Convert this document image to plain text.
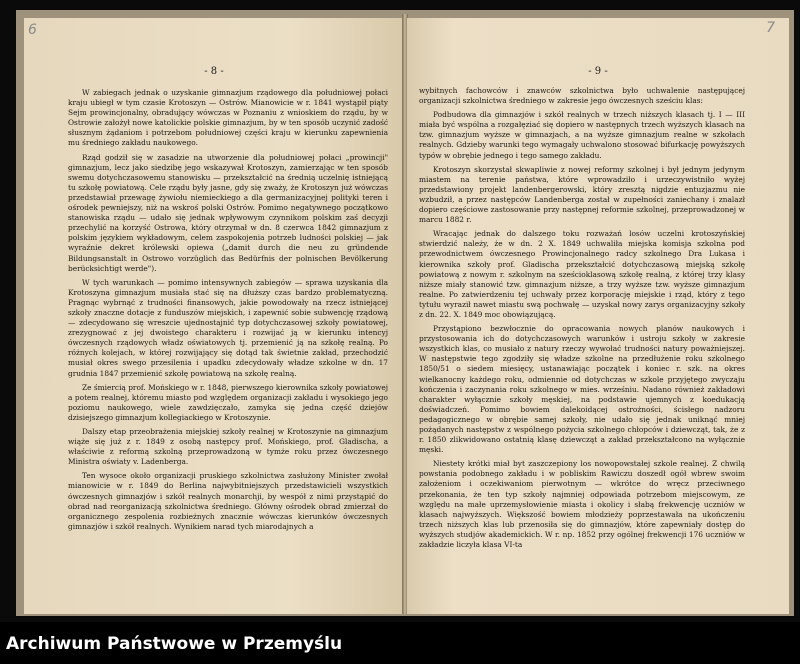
6
- 8 -

W zabiegach jednak o uzyskanie gimnazjum rządowego dla południowej połaci kraju ubiegł w tym czasie Krotoszyn — Ostrów. Mianowicie w r. 1841 wystąpił piąty Sejm prowincjonalny, obradujący wówczas w Poznaniu z wnioskiem do rządu, by w Ostrowie założył nowe katolickie polskie gimnazjum, by w ten sposób uczynić zadość słusznym żądaniom i potrzebom południowej części kraju w kierunku zapewnienia mu średniego zakładu naukowego.

Rząd godził się w zasadzie na utworzenie dla południowej połaci „prowincji" gimnazjum, lecz jako siedzibę jego wskazywał Krotoszyn, zamierzając w ten sposób swemu dotychczasowemu stanowisku — przekształcić na średnią uczelnię istniejącą tu szkołę powiatową. Cele rządu były jasne, gdy się zważy, że Krotoszyn już wówczas przedstawiał przewagę żywiołu niemieckiego a dla germanizacyjnej polityki teren i ośrodek pewniejszy, niż na wskroś polski Ostrów. Pomimo negatywnego początkowo stanowiska rządu — udało się jednak wpływowym czynnikom polskim zaś decyzji przechylić na korzyść Ostrowa, który otrzymał w dn. 8 czerwca 1842 gimnazjum z polskim językiem wykładowym, celem zaspokojenia potrzeb ludności polskiej — jak wyraźnie dekret królewski opiewa („damit durch die neu zu gründende Bildungsanstalt in Ostrowo vorzüglich das Bedürfnis der polnischen Bevölkerung berücksichtigt werde").

W tych warunkach — pomimo intensywnych zabiegów — sprawa uzyskania dla Krotoszyna gimnazjum musiała stać się na dłuższy czas bardzo problematyczną. Pragnąc wybrnąć z trudności finansowych, jakie powodowały na rzecz istniejącej szkoły znaczne dotacje z funduszów miejskich, i zapewnić sobie subwencję rządową — zdecydowano się wreszcie ujednostajnić typ dotychczasowej szkoły powiatowej, zrezygnować z jej dwoistego charakteru i rozwijać ją w kierunku intencyj ówczesnych rządowych władz oświatowych tj. przemienić ją na szkołę realną. Po różnych kolejach, w której rozwijający się dotąd tak świetnie zakład, przechodzić musiał okres swego przesilenia i upadku zdecydowały władze szkolne w dn. 17 grudnia 1847 przemienić szkołę powiatową na szkołę realną.

Ze śmiercią prof. Mońskiego w r. 1848, pierwszego kierownika szkoły powiatowej a potem realnej, któremu miasto pod względem organizacji zakładu i wysokiego jego poziomu naukowego, wiele zawdzięczało, zamyka się jedna część dziejów dzisiejszego gimnazjum kollegiackiego w Krotoszynie.

Dalszy etap przeobrażenia miejskiej szkoły realnej w Krotoszynie na gimnazjum wiąże się już z r. 1849 z osobą następcy prof. Mońskiego, prof. Gladischa, a właściwie z reformą szkolną przeprowadzoną w tymże roku przez ówczesnego Ministra oświaty v. Ladenberga.

Ten wysoce około organizacji pruskiego szkolnictwa zasłużony Minister zwołał mianowicie w r. 1849 do Berlina najwybitniejszych przedstawicieli wszystkich ówczesnych gimnazjów i szkół realnych monarchji, by wespół z nimi przystąpić do obrad nad reorganizacją szkolnictwa średniego. Główny ośrodek obrad zmierzał do organicznego zespolenia rozbieżnych znacznie wówczas kierunków ówczesnych gimnazjów i szkół realnych. Wynikiem narad tych miarodajnych a

7
- 9 -

wybitnych fachowców i znawców szkolnictwa było uchwalenie następującej organizacji szkolnictwa średniego w zakresie jego ówczesnych sześciu klas:

Podbudowa dla gimnazjów i szkół realnych w trzech niższych klasach tj. I — III miała być wspólna a rozgałęziać się dopiero w następnych trzech wyższych klasach na tzw. gimnazjum wyższe w gimnazjach, a na wyższe gimnazjum realne w szkołach realnych. Gdzieby warunki tego wymagały uchwalono stosować bifurkację powyższych typów w obrębie jednego i tego samego zakładu.

Krotoszyn skorzystał skwapliwie z nowej reformy szkolnej i był jednym jedynym miastem na terenie państwa, które wprowadziło i urzeczywistniło wyżej przedstawiony projekt landenbergerowski, który zresztą nigdzie entuzjazmu nie wzbudził, a przez następców Landenberga został w zupełności zaniechany i znalazł dopiero częściowe zastosowanie przy następnej reformie szkolnej, przeprowadzonej w marcu 1882 r.

Wracając jednak do dalszego toku rozważań losów uczelni krotoszyńskiej stwierdzić należy, że w dn. 2 X. 1849 uchwaliła miejska komisja szkolna pod przewodnictwem ówczesnego Prowincjonalnego radcy szkolnego Dra Lukasa i kierownika szkoły prof. Gladischa przekształcić dotychczasową miejską szkołę powiatową z nowym r. szkolnym na sześcioklasową szkołę realną, z której trzy klasy niższe miały stanowić tzw. gimnazjum niższe, a trzy wyższe tzw. wyższe gimnazjum realne. Po zatwierdzeniu tej uchwały przez korporację miejskie i rząd, który z tego tytułu wyraził nawet miastu swą pochwałę — uzyskał nowy zarys organizacyjny szkoły z dn. 22. X. 1849 moc obowiązującą.

Przystąpiono bezwłocznie do opracowania nowych planów naukowych i przystosowania ich do dotychczasowych warunków i ustroju szkoły w zakresie wszystkich klas, co musiało z natury rzeczy wywołać trudności natury poważniejszej. W następstwie tego zgodziły się władze szkolne na przedłużenie roku szkolnego 1850/51 o siedem miesięcy, ustanawiając początek i koniec r. szk. na okres wielkanocny każdego roku, odmiennie od dotychczas w szkole przyjętego zwyczaju kończenia i zaczynania roku szkolnego w mies. wrześniu. Nadano również zakładowi charakter wyłącznie szkoły męskiej, na podstawie ujemnych z koedukacją doświadczeń. Pomimo bowiem dalekoidącej ostrożności, ścisłego nadzoru pedagogicznego w obrębie samej szkoły, nie udało się jednak uniknąć mniej pożądanych następstw z wspólnego pożycia szkolnego chłopców i dziewcząt, tak, że z r. 1850 zlikwidowano ostatnią klasę dziewcząt a zakład przekształcono na wyłącznie męski.

Niestety krótki miał byt zaszczepiony los nowopowstałej szkole realnej. Z chwilą powstania podobnego zakładu i w pobliskim Rawiczu doszedł ogół wbrew swoim założeniom i oczekiwaniom pierwotnym — wkrótce do wręcz przeciwnego przekonania, że ten typ szkoły najmniej odpowiada potrzebom miejscowym, ze względu na małe uprzemysłowienie miasta i okolicy i słabą frekwencję uczniów w klasach najwyższych. Większość bowiem młodzieży poprzestawała na ukończeniu trzech niższych klas lub przenosiła się do gimnazjów, które zapewniały dostęp do wyższych studjów akademickich. W r. np. 1852 przy ogólnej frekwencji 176 uczniów w zakładzie liczyła klasa VI-ta

Archiwum Państwowe w Przemyślu
